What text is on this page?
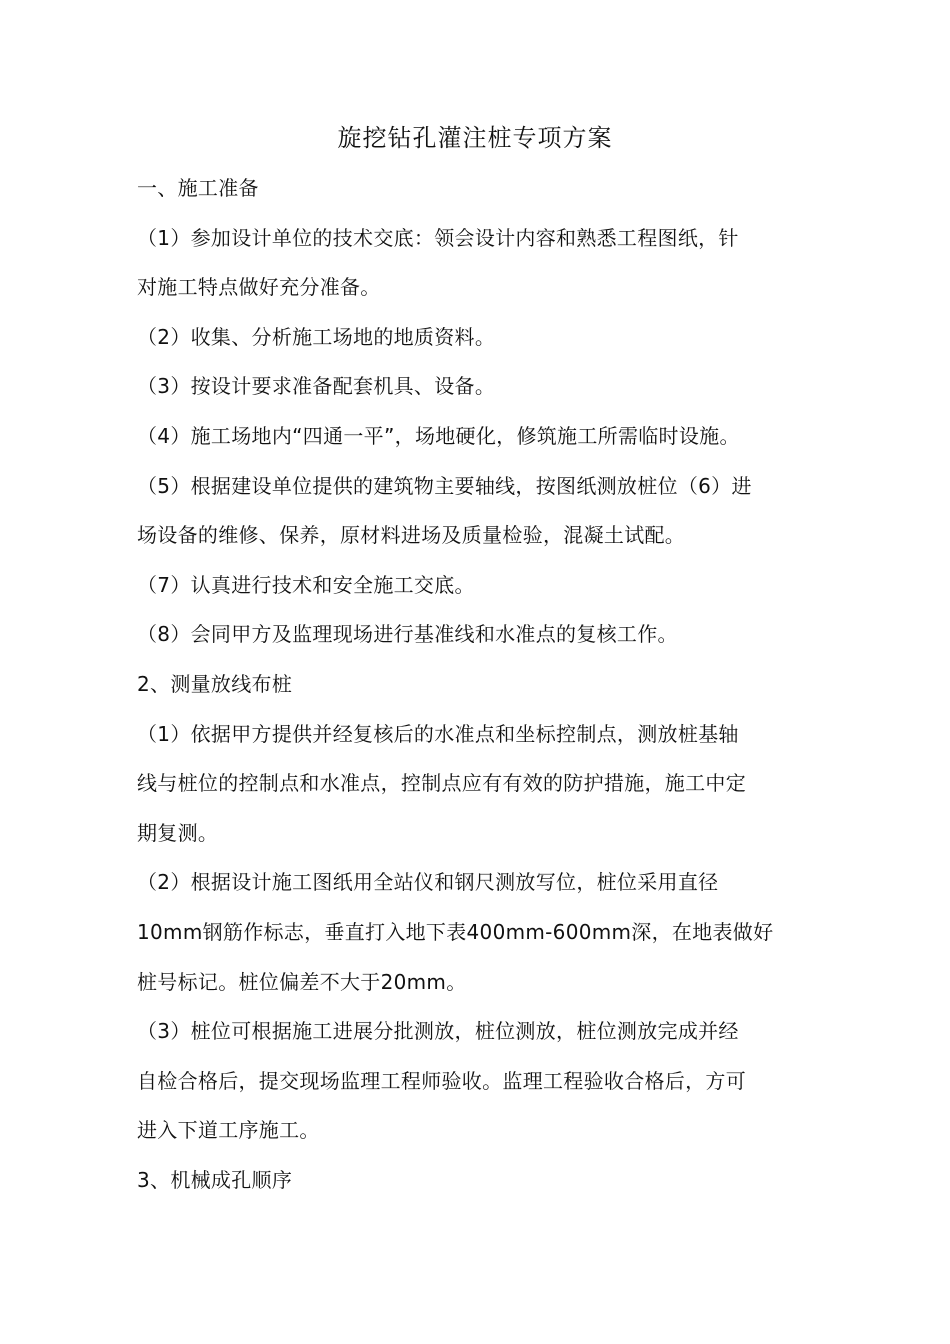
旋挖钻孔灌注桩专项方案

一、施工准备

（1）参加设计单位的技术交底：领会设计内容和熟悉工程图纸，针

对施工特点做好充分准备。

（2）收集、分析施工场地的地质资料。

（3）按设计要求准备配套机具、设备。

（4）施工场地内“四通一平”，场地硬化，修筑施工所需临时设施。

（5）根据建设单位提供的建筑物主要轴线，按图纸测放桩位（6）进

场设备的维修、保养，原材料进场及质量检验，混凝土试配。

（7）认真进行技术和安全施工交底。

（8）会同甲方及监理现场进行基准线和水准点的复核工作。

2、测量放线布桩

（1）依据甲方提供并经复核后的水准点和坐标控制点，测放桩基轴

线与桩位的控制点和水准点，控制点应有有效的防护措施，施工中定

期复测。

（2）根据设计施工图纸用全站仪和钢尺测放写位，桩位采用直径

10mm钢筋作标志，垂直打入地下表400mm-600mm深，在地表做好

桩号标记。桩位偏差不大于20mm。

（3）桩位可根据施工进展分批测放，桩位测放，桩位测放完成并经

自检合格后，提交现场监理工程师验收。监理工程验收合格后，方可

进入下道工序施工。

3、机械成孔顺序
